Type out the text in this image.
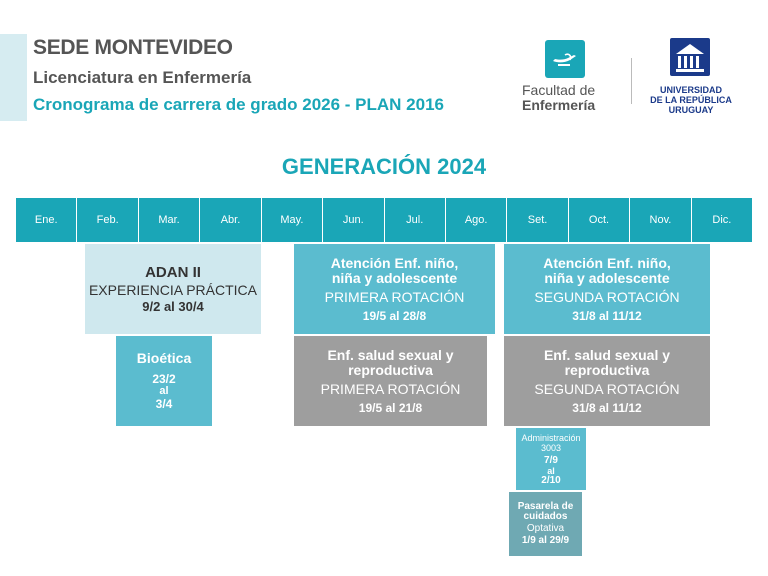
SEDE MONTEVIDEO
Licenciatura en Enfermería
Cronograma de carrera de grado 2026 - PLAN 2016
Facultad de
Enfermería
UNIVERSIDAD
DE LA REPÚBLICA
URUGUAY
GENERACIÓN 2024
Ene.	Feb.	Mar.	Abr.	May.	Jun.	Jul.	Ago.	Set.	Oct.	Nov.	Dic.
ADAN II
EXPERIENCIA PRÁCTICA
9/2 al 30/4
Bioética
23/2
al
3/4
Atención Enf. niño,
niña y adolescente
PRIMERA ROTACIÓN
19/5 al 28/8
Atención Enf. niño,
niña y adolescente
SEGUNDA ROTACIÓN
31/8 al 11/12
Enf. salud sexual y
reproductiva
PRIMERA ROTACIÓN
19/5 al 21/8
Enf. salud sexual y
reproductiva
SEGUNDA ROTACIÓN
31/8 al 11/12
Administración
3003
7/9
al
2/10
Pasarela de
cuidados
Optativa
1/9 al 29/9
